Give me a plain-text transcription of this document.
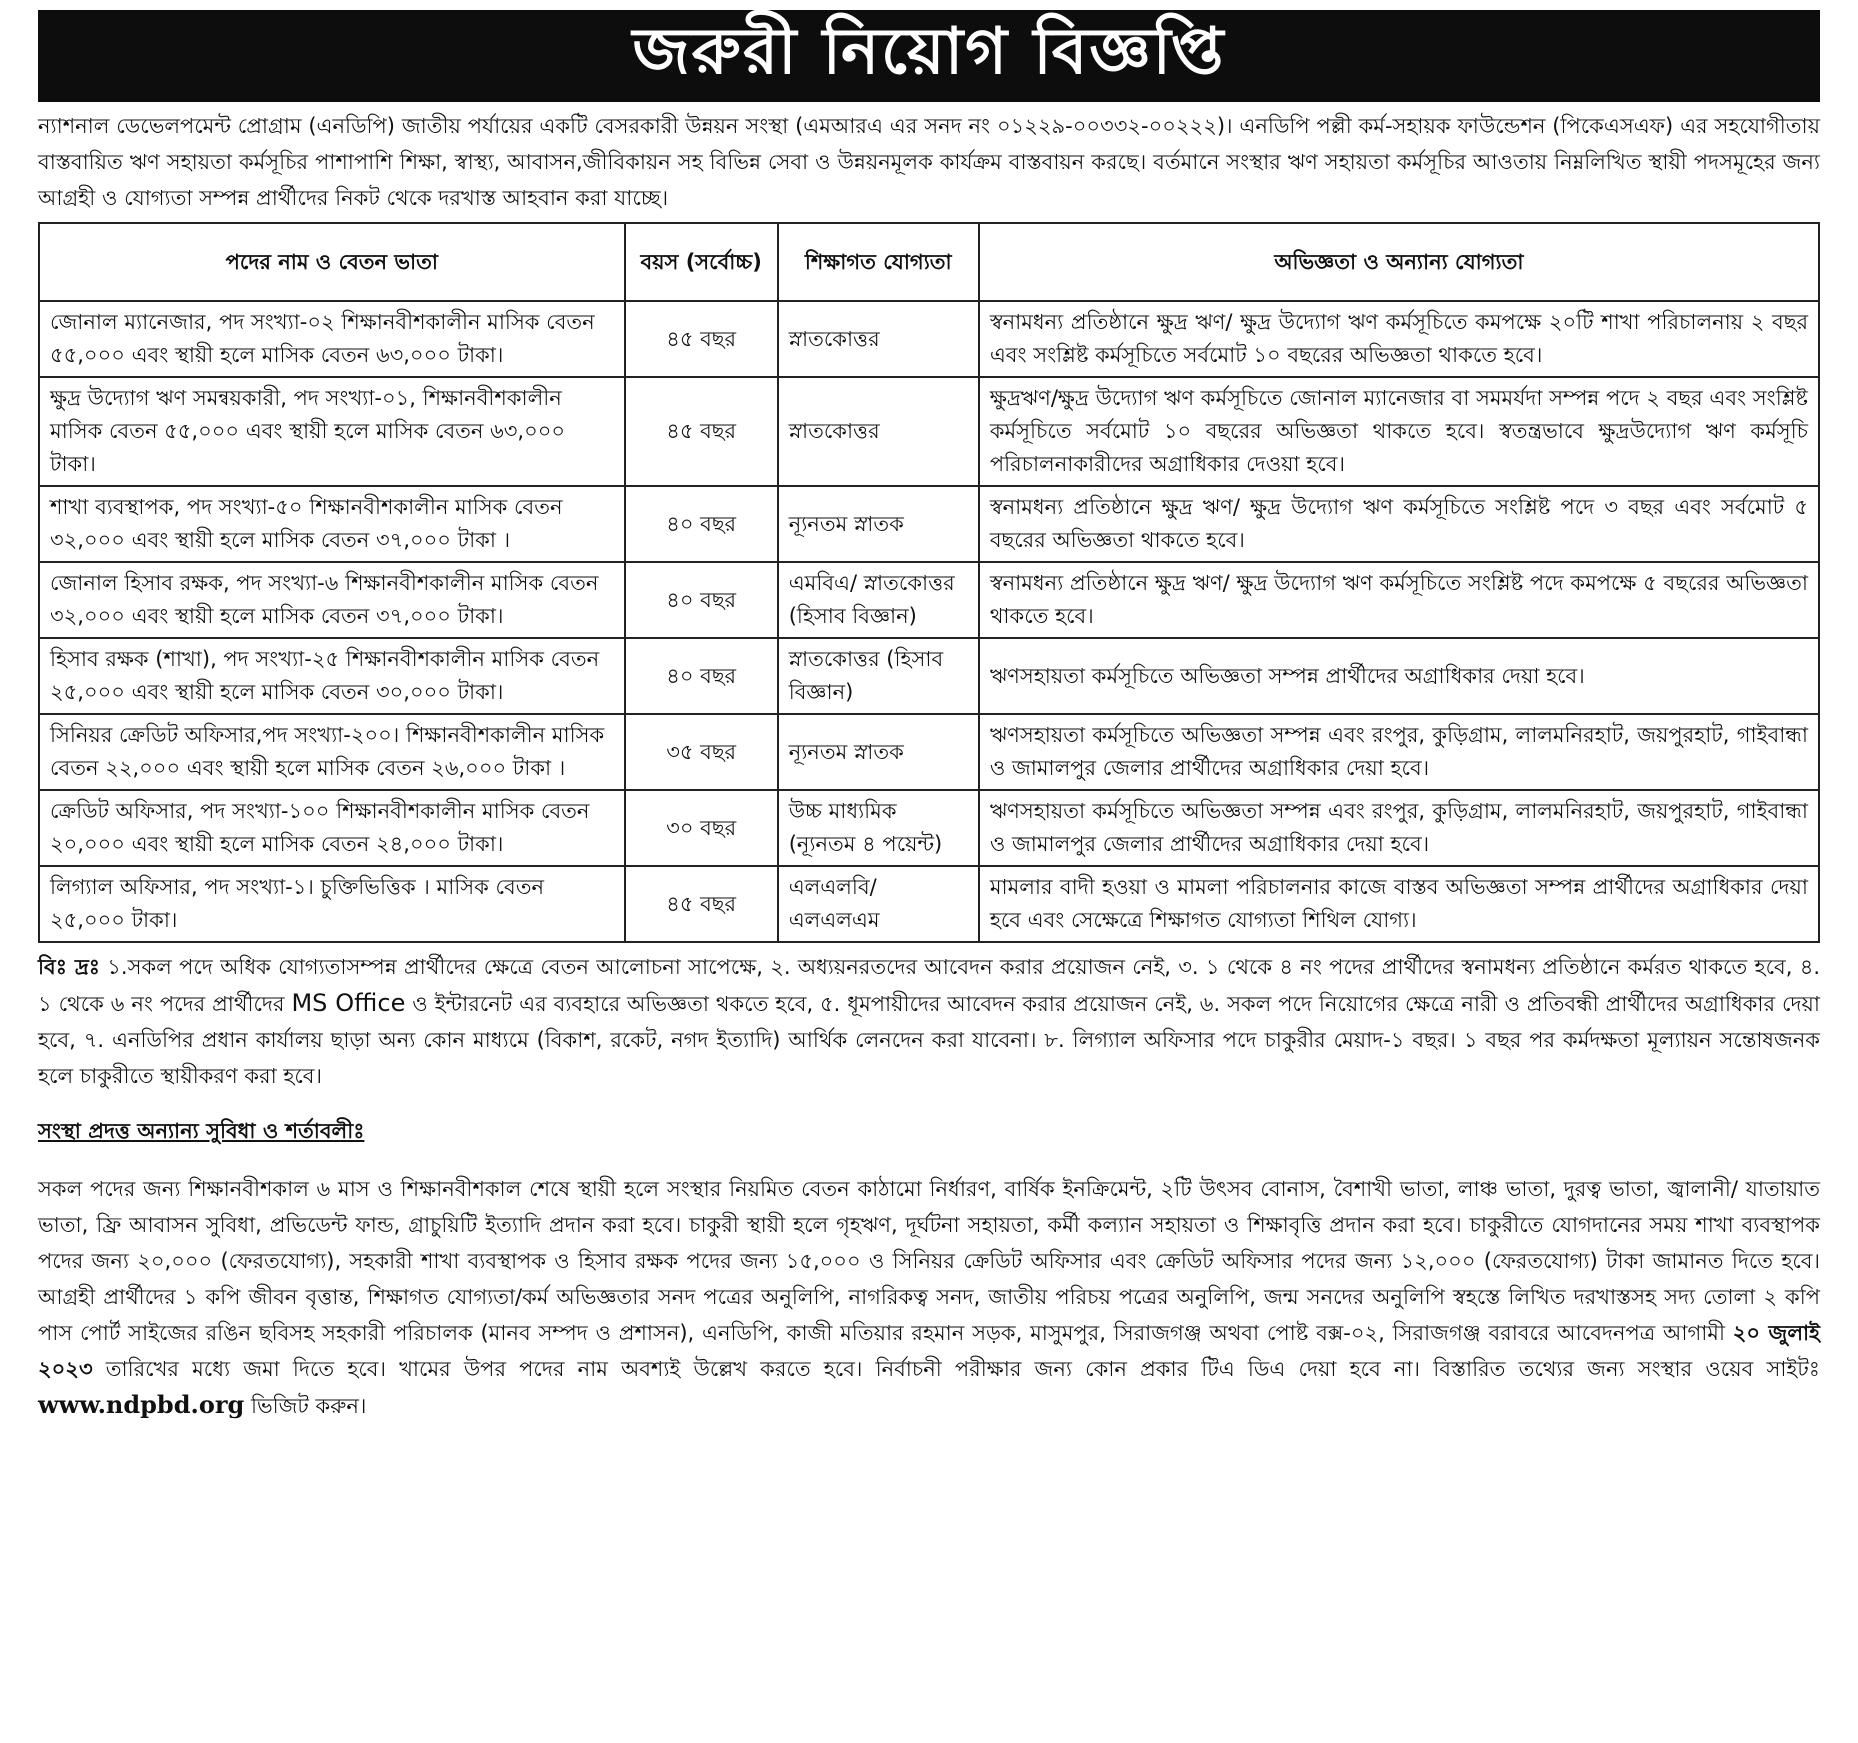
জরুরী নিয়োগ বিজ্ঞপ্তি

ন্যাশনাল ডেভেলপমেন্ট প্রোগ্রাম (এনডিপি) জাতীয় পর্যায়ের একটি বেসরকারী উন্নয়ন সংস্থা (এমআরএ এর সনদ নং ০১২২৯-০০৩৩২-০০২২২)। এনডিপি পল্লী কর্ম-সহায়ক ফাউন্ডেশন (পিকেএসএফ) এর সহযোগীতায় বাস্তবায়িত ঋণ সহায়তা কর্মসূচির পাশাপাশি শিক্ষা, স্বাস্থ্য, আবাসন,জীবিকায়ন সহ বিভিন্ন সেবা ও উন্নয়নমূলক কার্যক্রম বাস্তবায়ন করছে। বর্তমানে সংস্থার ঋণ সহায়তা কর্মসূচির আওতায় নিম্নলিখিত স্থায়ী পদসমূহের জন্য আগ্রহী ও যোগ্যতা সম্পন্ন প্রার্থীদের নিকট থেকে দরখাস্ত আহবান করা যাচ্ছে।

পদের নাম ও বেতন ভাতা	বয়স (সর্বোচ্চ)	শিক্ষাগত যোগ্যতা	অভিজ্ঞতা ও অন্যান্য যোগ্যতা
জোনাল ম্যানেজার, পদ সংখ্যা-০২ শিক্ষানবীশকালীন মাসিক বেতন ৫৫,০০০ এবং স্থায়ী হলে মাসিক বেতন ৬৩,০০০ টাকা।	৪৫ বছর	স্নাতকোত্তর	স্বনামধন্য প্রতিষ্ঠানে ক্ষুদ্র ঋণ/ ক্ষুদ্র উদ্যোগ ঋণ কর্মসূচিতে কমপক্ষে ২০টি শাখা পরিচালনায় ২ বছর এবং সংশ্লিষ্ট কর্মসূচিতে সর্বমোট ১০ বছরের অভিজ্ঞতা থাকতে হবে।
ক্ষুদ্র উদ্যোগ ঋণ সমন্বয়কারী, পদ সংখ্যা-০১, শিক্ষানবীশকালীন মাসিক বেতন ৫৫,০০০ এবং স্থায়ী হলে মাসিক বেতন ৬৩,০০০ টাকা।	৪৫ বছর	স্নাতকোত্তর	ক্ষুদ্রঋণ/ক্ষুদ্র উদ্যোগ ঋণ কর্মসূচিতে জোনাল ম্যানেজার বা সমমর্যদা সম্পন্ন পদে ২ বছর এবং সংশ্লিষ্ট কর্মসূচিতে সর্বমোট ১০ বছরের অভিজ্ঞতা থাকতে হবে। স্বতন্ত্রভাবে ক্ষুদ্রউদ্যোগ ঋণ কর্মসূচি পরিচালনাকারীদের অগ্রাধিকার দেওয়া হবে।
শাখা ব্যবস্থাপক, পদ সংখ্যা-৫০ শিক্ষানবীশকালীন মাসিক বেতন ৩২,০০০ এবং স্থায়ী হলে মাসিক বেতন ৩৭,০০০ টাকা ।	৪০ বছর	ন্যূনতম স্নাতক	স্বনামধন্য প্রতিষ্ঠানে ক্ষুদ্র ঋণ/ ক্ষুদ্র উদ্যোগ ঋণ কর্মসূচিতে সংশ্লিষ্ট পদে ৩ বছর এবং সর্বমোট ৫ বছরের অভিজ্ঞতা থাকতে হবে।
জোনাল হিসাব রক্ষক, পদ সংখ্যা-৬ শিক্ষানবীশকালীন মাসিক বেতন ৩২,০০০ এবং স্থায়ী হলে মাসিক বেতন ৩৭,০০০ টাকা।	৪০ বছর	এমবিএ/ স্নাতকোত্তর (হিসাব বিজ্ঞান)	স্বনামধন্য প্রতিষ্ঠানে ক্ষুদ্র ঋণ/ ক্ষুদ্র উদ্যোগ ঋণ কর্মসূচিতে সংশ্লিষ্ট পদে কমপক্ষে ৫ বছরের অভিজ্ঞতা থাকতে হবে।
হিসাব রক্ষক (শাখা), পদ সংখ্যা-২৫ শিক্ষানবীশকালীন মাসিক বেতন ২৫,০০০ এবং স্থায়ী হলে মাসিক বেতন ৩০,০০০ টাকা।	৪০ বছর	স্নাতকোত্তর (হিসাব বিজ্ঞান)	ঋণসহায়তা কর্মসূচিতে অভিজ্ঞতা সম্পন্ন প্রার্থীদের অগ্রাধিকার দেয়া হবে।
সিনিয়র ক্রেডিট অফিসার,পদ সংখ্যা-২০০। শিক্ষানবীশকালীন মাসিক বেতন ২২,০০০ এবং স্থায়ী হলে মাসিক বেতন ২৬,০০০ টাকা ।	৩৫ বছর	ন্যূনতম স্নাতক	ঋণসহায়তা কর্মসূচিতে অভিজ্ঞতা সম্পন্ন এবং রংপুর, কুড়িগ্রাম, লালমনিরহাট, জয়পুরহাট, গাইবান্ধা ও জামালপুর জেলার প্রার্থীদের অগ্রাধিকার দেয়া হবে।
ক্রেডিট অফিসার, পদ সংখ্যা-১০০ শিক্ষানবীশকালীন মাসিক বেতন ২০,০০০ এবং স্থায়ী হলে মাসিক বেতন ২৪,০০০ টাকা।	৩০ বছর	উচ্চ মাধ্যমিক (ন্যূনতম ৪ পয়েন্ট)	ঋণসহায়তা কর্মসূচিতে অভিজ্ঞতা সম্পন্ন এবং রংপুর, কুড়িগ্রাম, লালমনিরহাট, জয়পুরহাট, গাইবান্ধা ও জামালপুর জেলার প্রার্থীদের অগ্রাধিকার দেয়া হবে।
লিগ্যাল অফিসার, পদ সংখ্যা-১। চুক্তিভিত্তিক । মাসিক বেতন ২৫,০০০ টাকা।	৪৫ বছর	এলএলবি/ এলএলএম	মামলার বাদী হওয়া ও মামলা পরিচালনার কাজে বাস্তব অভিজ্ঞতা সম্পন্ন প্রার্থীদের অগ্রাধিকার দেয়া হবে এবং সেক্ষেত্রে শিক্ষাগত যোগ্যতা শিথিল যোগ্য।

বিঃ দ্রঃ ১.সকল পদে অধিক যোগ্যতাসম্পন্ন প্রার্থীদের ক্ষেত্রে বেতন আলোচনা সাপেক্ষে, ২. অধ্যয়নরতদের আবেদন করার প্রয়োজন নেই, ৩. ১ থেকে ৪ নং পদের প্রার্থীদের স্বনামধন্য প্রতিষ্ঠানে কর্মরত থাকতে হবে, ৪. ১ থেকে ৬ নং পদের প্রার্থীদের MS Office ও ইন্টারনেট এর ব্যবহারে অভিজ্ঞতা থকতে হবে, ৫. ধূমপায়ীদের আবেদন করার প্রয়োজন নেই, ৬. সকল পদে নিয়োগের ক্ষেত্রে নারী ও প্রতিবন্ধী প্রার্থীদের অগ্রাধিকার দেয়া হবে, ৭. এনডিপির প্রধান কার্যালয় ছাড়া অন্য কোন মাধ্যমে (বিকাশ, রকেট, নগদ ইত্যাদি) আর্থিক লেনদেন করা যাবেনা। ৮. লিগ্যাল অফিসার পদে চাকুরীর মেয়াদ-১ বছর। ১ বছর পর কর্মদক্ষতা মূল্যায়ন সন্তোষজনক হলে চাকুরীতে স্থায়ীকরণ করা হবে।

সংস্থা প্রদত্ত অন্যান্য সুবিধা ও শর্তাবলীঃ

সকল পদের জন্য শিক্ষানবীশকাল ৬ মাস ও শিক্ষানবীশকাল শেষে স্থায়ী হলে সংস্থার নিয়মিত বেতন কাঠামো নির্ধারণ, বার্ষিক ইনক্রিমেন্ট, ২টি উৎসব বোনাস, বৈশাখী ভাতা, লাঞ্চ ভাতা, দুরত্ব ভাতা, জ্বালানী/ যাতায়াত ভাতা, ফ্রি আবাসন সুবিধা, প্রভিডেন্ট ফান্ড, গ্রাচুয়িটি ইত্যাদি প্রদান করা হবে। চাকুরী স্থায়ী হলে গৃহঋণ, দূর্ঘটনা সহায়তা, কর্মী কল্যান সহায়তা ও শিক্ষাবৃত্তি প্রদান করা হবে। চাকুরীতে যোগদানের সময় শাখা ব্যবস্থাপক পদের জন্য ২০,০০০ (ফেরতযোগ্য), সহকারী শাখা ব্যবস্থাপক ও হিসাব রক্ষক পদের জন্য ১৫,০০০ ও সিনিয়র ক্রেডিট অফিসার এবং ক্রেডিট অফিসার পদের জন্য ১২,০০০ (ফেরতযোগ্য) টাকা জামানত দিতে হবে। আগ্রহী প্রার্থীদের ১ কপি জীবন বৃত্তান্ত, শিক্ষাগত যোগ্যতা/কর্ম অভিজ্ঞতার সনদ পত্রের অনুলিপি, নাগরিকত্ব সনদ, জাতীয় পরিচয় পত্রের অনুলিপি, জন্ম সনদের অনুলিপি স্বহস্তে লিখিত দরখাস্তসহ সদ্য তোলা ২ কপি পাস পোর্ট সাইজের রঙিন ছবিসহ সহকারী পরিচালক (মানব সম্পদ ও প্রশাসন), এনডিপি, কাজী মতিয়ার রহমান সড়ক, মাসুমপুর, সিরাজগঞ্জ অথবা পোষ্ট বক্স-০২, সিরাজগঞ্জ বরাবরে আবেদনপত্র আগামী ২০ জুলাই ২০২৩ তারিখের মধ্যে জমা দিতে হবে। খামের উপর পদের নাম অবশ্যই উল্লেখ করতে হবে। নির্বাচনী পরীক্ষার জন্য কোন প্রকার টিএ ডিএ দেয়া হবে না। বিস্তারিত তথ্যের জন্য সংস্থার ওয়েব সাইটঃ www.ndpbd.org ভিজিট করুন।
